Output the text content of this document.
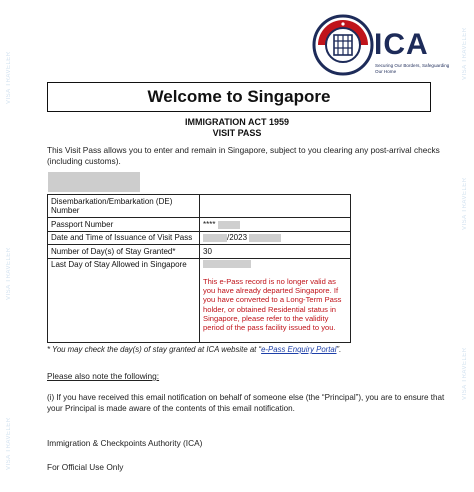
VISA TRAVELER
VISA TRAVELER
VISA TRAVELER
VISA TRAVELER
VISA TRAVELER
VISA TRAVELER
ICA
Securing Our Borders, Safeguarding Our Home
Welcome to Singapore
IMMIGRATION ACT 1959
VISIT PASS
This Visit Pass allows you to enter and remain in Singapore, subject to you clearing any post-arrival checks (including customs).
Disembarkation/Embarkation (DE) Number	
Passport Number	****
Date and Time of Issuance of Visit Pass	/2023
Number of Day(s) of Stay Granted*	30
Last Day of Stay Allowed in Singapore	This e-Pass record is no longer valid as you have already departed Singapore. If you have converted to a Long-Term Pass holder, or obtained Residential status in Singapore, please refer to the validity period of the pass facility issued to you.
* You may check the day(s) of stay granted at ICA website at “e-Pass Enquiry Portal”.
Please also note the following:
(i) If you have received this email notification on behalf of someone else (the “Principal”), you are to ensure that your Principal is made aware of the contents of this email notification.
Immigration & Checkpoints Authority (ICA)
For Official Use Only
